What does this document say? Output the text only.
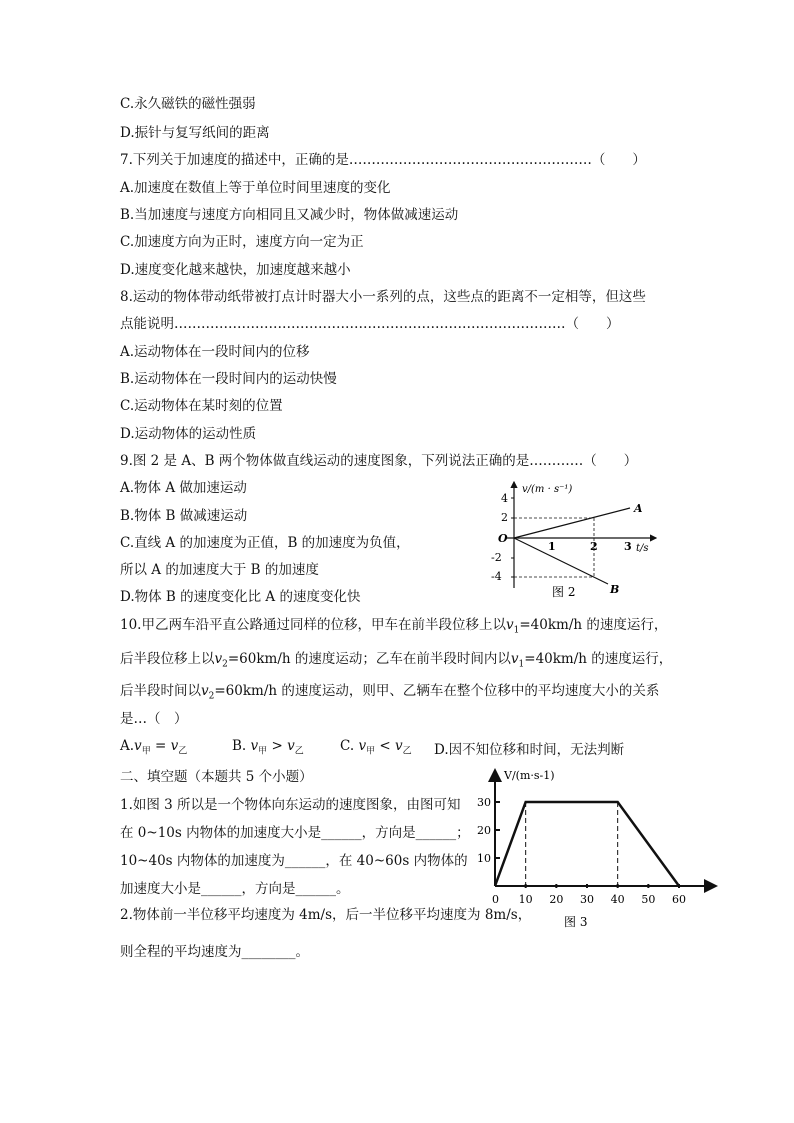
C.永久磁铁的磁性强弱
D.振针与复写纸间的距离
7.下列关于加速度的描述中，正确的是………………………………………………（　　）
A.加速度在数值上等于单位时间里速度的变化
B.当加速度与速度方向相同且又减少时，物体做减速运动
C.加速度方向为正时，速度方向一定为正
D.速度变化越来越快，加速度越来越小
8.运动的物体带动纸带被打点计时器大小一系列的点，这些点的距离不一定相等，但这些
点能说明……………………………………………………………………………（　　）
A.运动物体在一段时间内的位移
B.运动物体在一段时间内的运动快慢
C.运动物体在某时刻的位置
D.运动物体的运动性质
9.图 2 是 A、B 两个物体做直线运动的速度图象，下列说法正确的是…………（　　）
A.物体 A 做加速运动
B.物体 B 做减速运动
C.直线 A 的加速度为正值，B 的加速度为负值，
所以 A 的加速度大于 B 的加速度
D.物体 B 的速度变化比 A 的速度变化快
v/(m · s⁻¹)
t/s
O
4
2
-2
-4
1	2 3
A
B
图 2
10.甲乙两车沿平直公路通过同样的位移，甲车在前半段位移上以$v_1=40km/h$ 的速度运行，
后半段位移上以$v_2=60km/h$ 的速度运动；乙车在前半段时间内以$v_1=40km/h$ 的速度运行，
后半段时间以$v_2=60km/h$ 的速度运动，则甲、乙辆车在整个位移中的平均速度大小的关系
是…（　）
$A.v_甲 = v_乙$	B. $v_甲 > v_乙$	C. $v_甲 < v_乙$ D.因不知位移和时间，无法判断
二、填空题（本题共 5 个小题）
1.如图 3 所以是一个物体向东运动的速度图象，由图可知
在 0~10s 内物体的加速度大小是______，方向是______；
10~40s 内物体的加速度为______，在 40~60s 内物体的
加速度大小是______，方向是______。
2.物体前一半位移平均速度为 4m/s，后一半位移平均速度为 8m/s，
则全程的平均速度为________。
V/(m·s-1)
0 10 20 30 40 50 60
10
20
30
图 3
